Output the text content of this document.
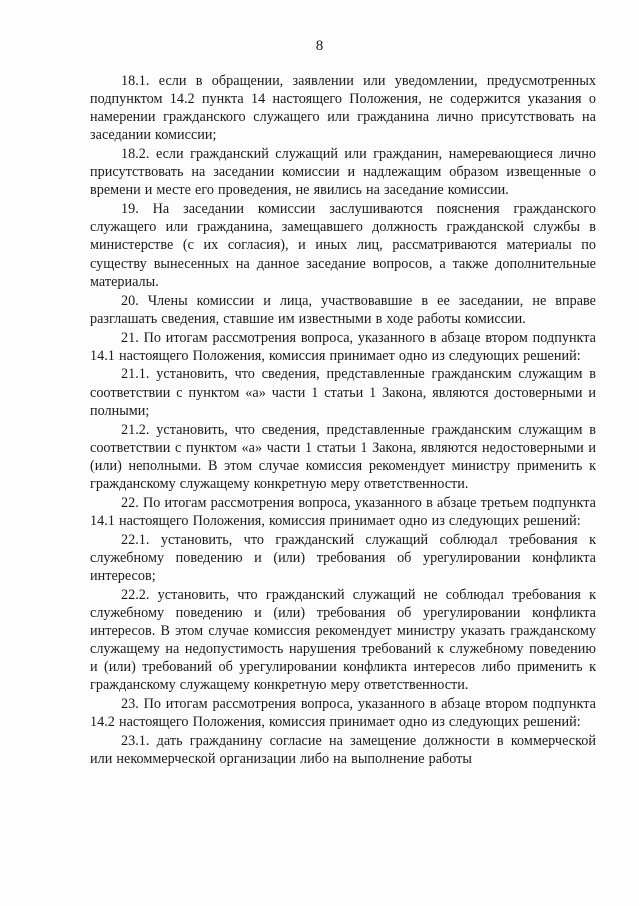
8

18.1. если в обращении, заявлении или уведомлении, предусмотренных подпунктом 14.2 пункта 14 настоящего Положения, не содержится указания о намерении гражданского служащего или гражданина лично присутствовать на заседании комиссии;

18.2. если гражданский служащий или гражданин, намеревающиеся лично присутствовать на заседании комиссии и надлежащим образом извещенные о времени и месте его проведения, не явились на заседание комиссии.

19. На заседании комиссии заслушиваются пояснения гражданского служащего или гражданина, замещавшего должность гражданской службы в министерстве (с их согласия), и иных лиц, рассматриваются материалы по существу вынесенных на данное заседание вопросов, а также дополнительные материалы.

20. Члены комиссии и лица, участвовавшие в ее заседании, не вправе разглашать сведения, ставшие им известными в ходе работы комиссии.

21. По итогам рассмотрения вопроса, указанного в абзаце втором подпункта 14.1 настоящего Положения, комиссия принимает одно из следующих решений:

21.1. установить, что сведения, представленные гражданским служащим в соответствии с пунктом «а» части 1 статьи 1 Закона, являются достоверными и полными;

21.2. установить, что сведения, представленные гражданским служащим в соответствии с пунктом «а» части 1 статьи 1 Закона, являются недостоверными и (или) неполными. В этом случае комиссия рекомендует министру применить к гражданскому служащему конкретную меру ответственности.

22. По итогам рассмотрения вопроса, указанного в абзаце третьем подпункта 14.1 настоящего Положения, комиссия принимает одно из следующих решений:

22.1. установить, что гражданский служащий соблюдал требования к служебному поведению и (или) требования об урегулировании конфликта интересов;

22.2. установить, что гражданский служащий не соблюдал требования к служебному поведению и (или) требования об урегулировании конфликта интересов. В этом случае комиссия рекомендует министру указать гражданскому служащему на недопустимость нарушения требований к служебному поведению и (или) требований об урегулировании конфликта интересов либо применить к гражданскому служащему конкретную меру ответственности.

23. По итогам рассмотрения вопроса, указанного в абзаце втором подпункта 14.2 настоящего Положения, комиссия принимает одно из следующих решений:

23.1. дать гражданину согласие на замещение должности в коммерческой или некоммерческой организации либо на выполнение работы
